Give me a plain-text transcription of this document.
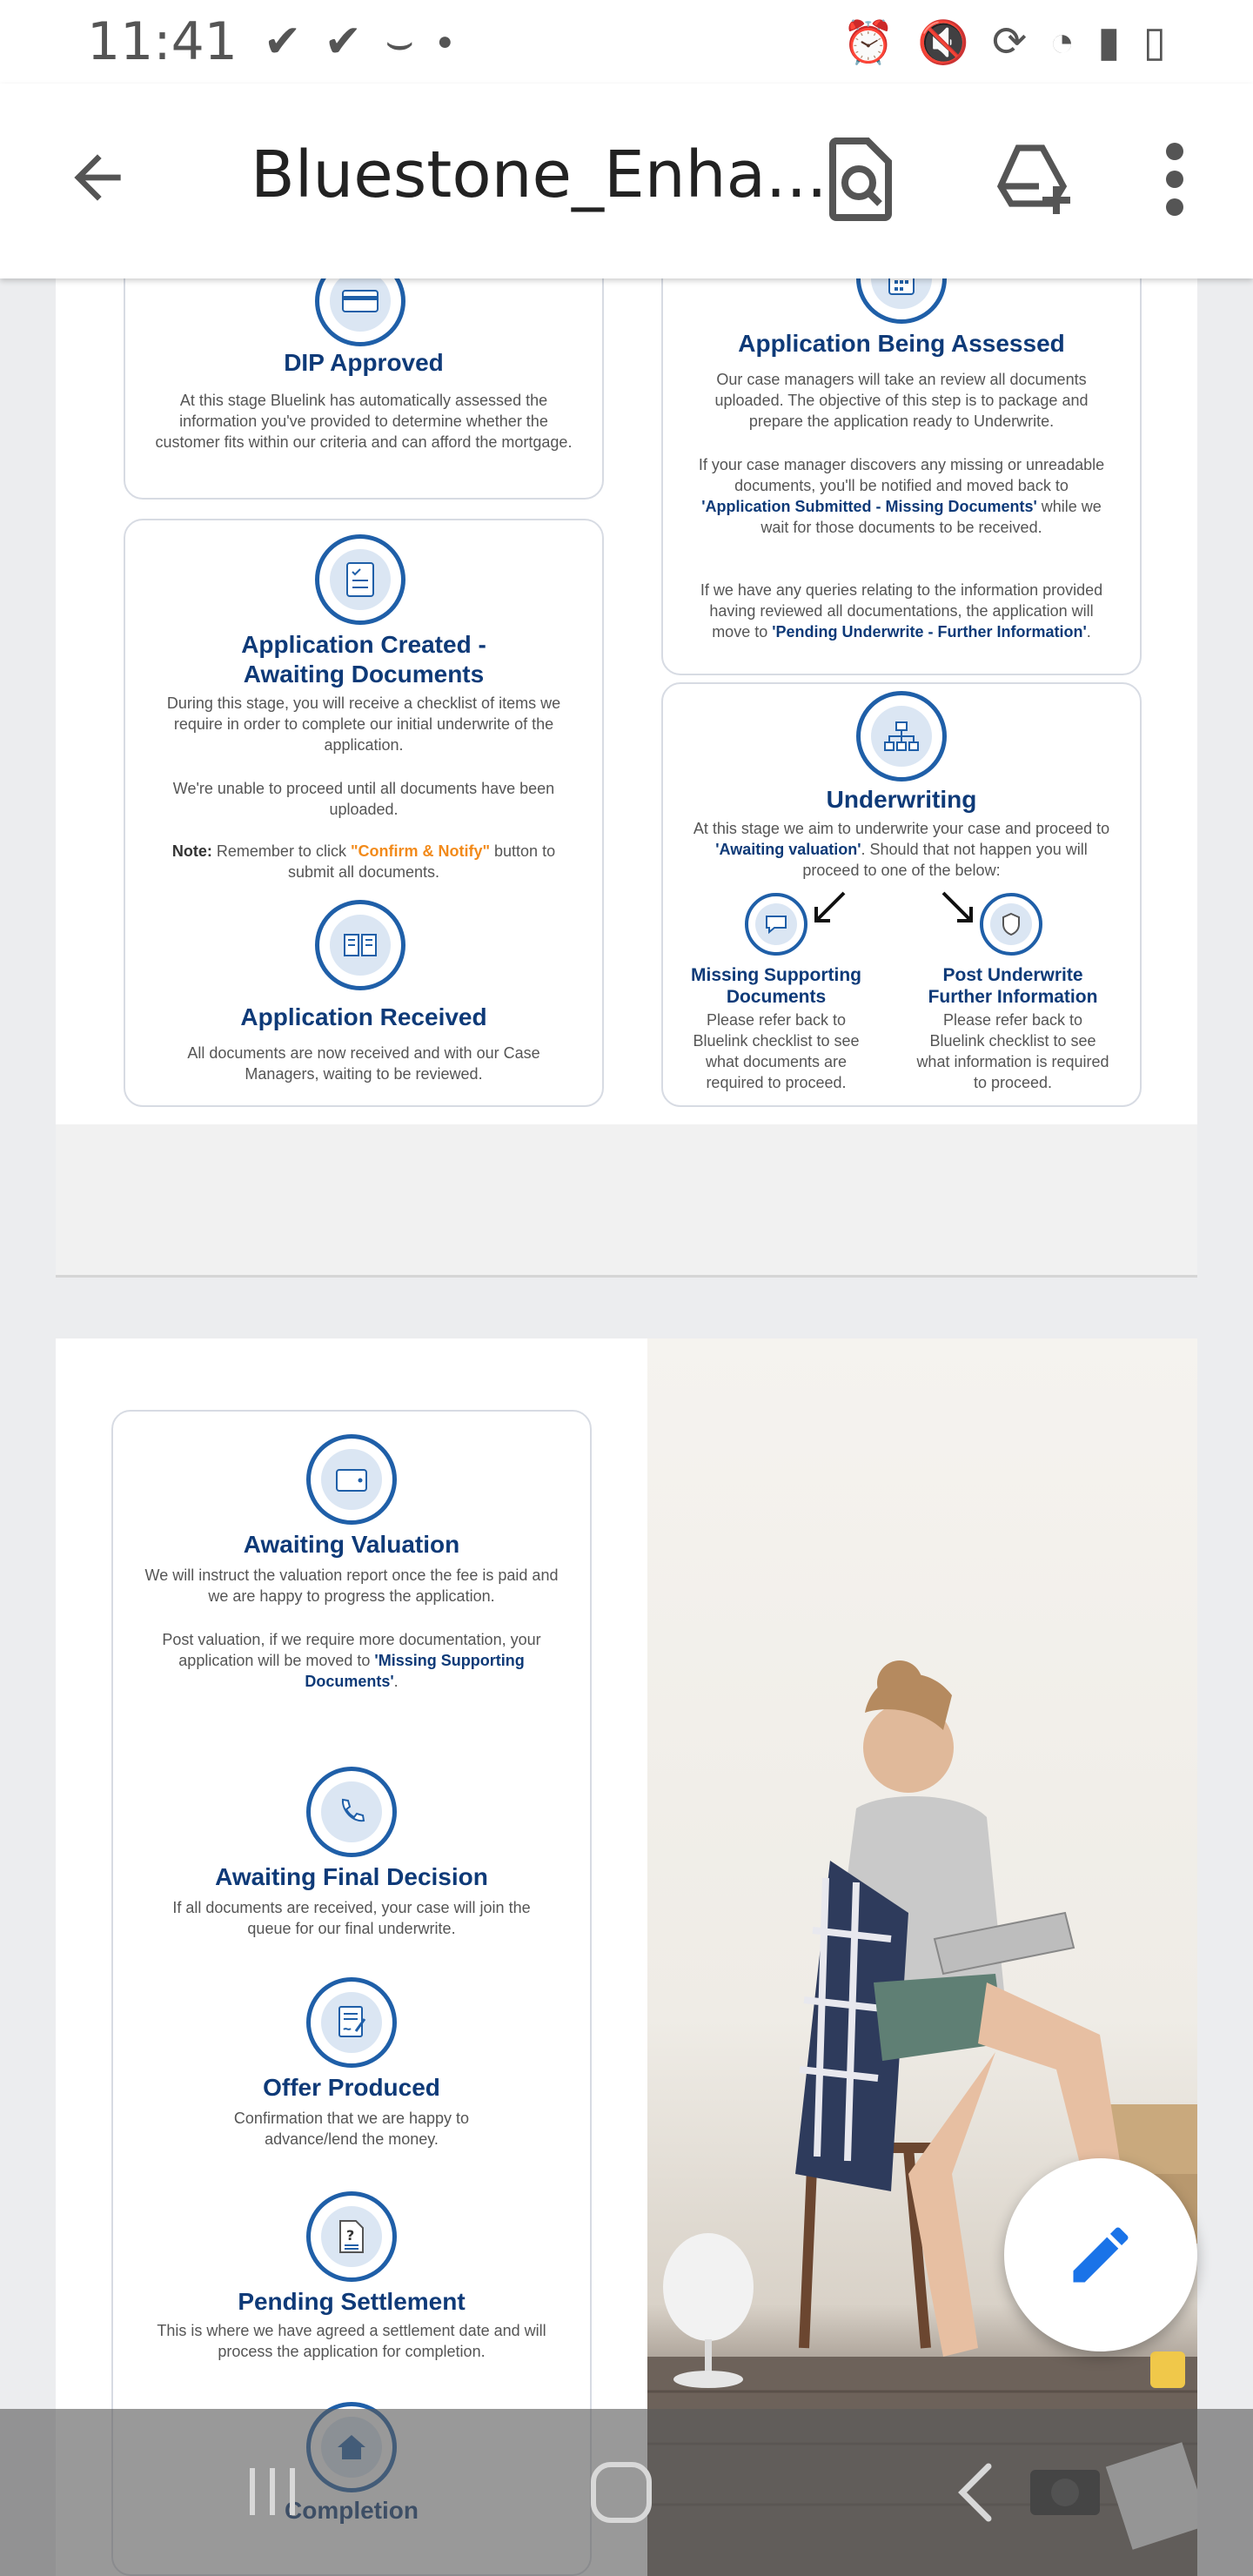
11:41 ✔ ✔ ⌣ ●	⏰ 🔇 ⟳ ◔ ▮ ▯
Bluestone_Enha...
DIP Approved
At this stage Bluelink has automatically assessed the information you've provided to determine whether the customer fits within our criteria and can afford the mortgage.
Application Created - Awaiting Documents
During this stage, you will receive a checklist of items we require in order to complete our initial underwrite of the application.
We're unable to proceed until all documents have been uploaded.
Note: Remember to click "Confirm & Notify" button to submit all documents.
Application Received
All documents are now received and with our Case Managers, waiting to be reviewed.
Application Being Assessed
Our case managers will take an review all documents uploaded. The objective of this step is to package and prepare the application ready to Underwrite.
If your case manager discovers any missing or unreadable documents, you'll be notified and moved back to 'Application Submitted - Missing Documents' while we wait for those documents to be received.
If we have any queries relating to the information provided having reviewed all documentations, the application will move to 'Pending Underwrite - Further Information'.
Underwriting
At this stage we aim to underwrite your case and proceed to 'Awaiting valuation'. Should that not happen you will proceed to one of the below:
Missing Supporting Documents
Please refer back to Bluelink checklist to see what documents are required to proceed.
Post Underwrite Further Information
Please refer back to Bluelink checklist to see what information is required to proceed.
Awaiting Valuation
We will instruct the valuation report once the fee is paid and we are happy to progress the application.
Post valuation, if we require more documentation, your application will be moved to 'Missing Supporting Documents'.
Awaiting Final Decision
If all documents are received, your case will join the queue for our final underwrite.
Offer Produced
Confirmation that we are happy to advance/lend the money.
?
Pending Settlement
This is where we have agreed a settlement date and will process the application for completion.
